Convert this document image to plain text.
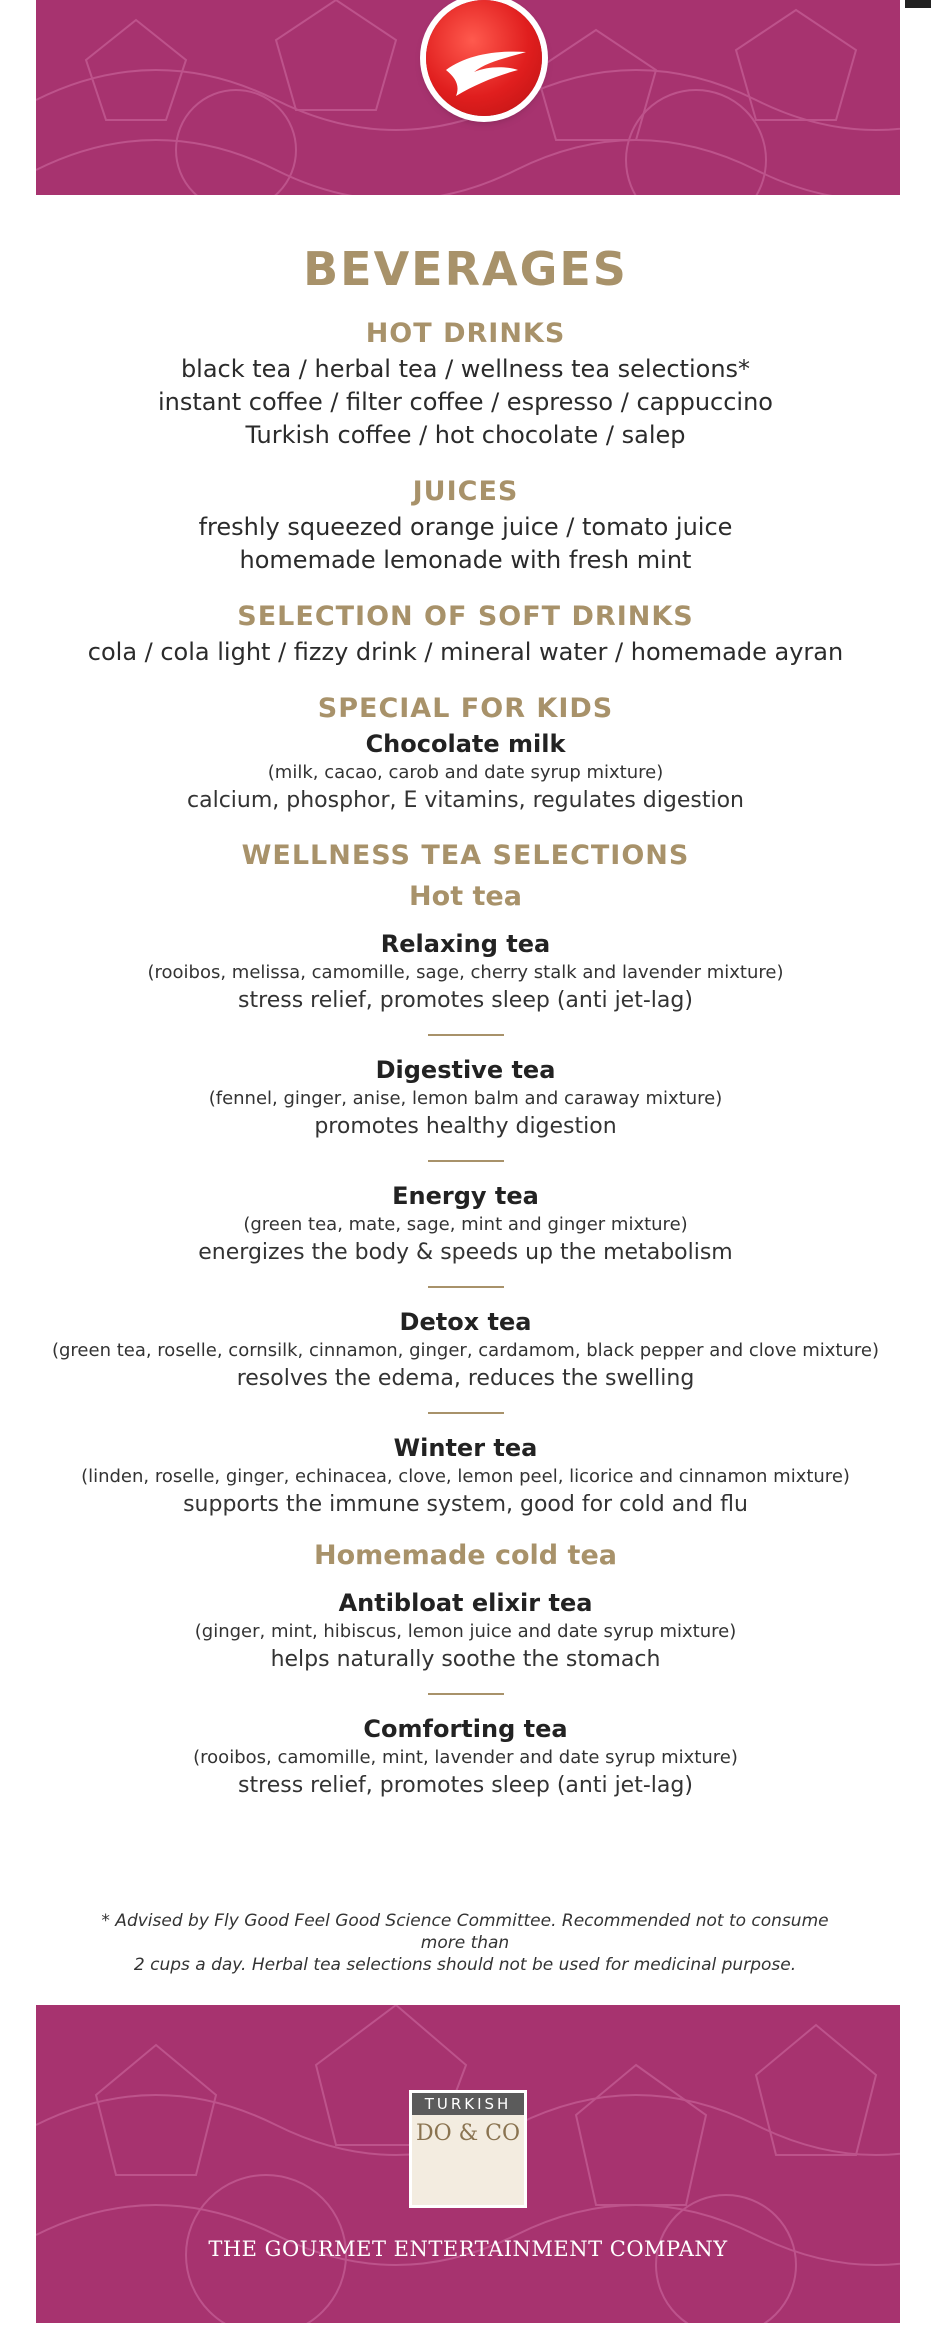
BEVERAGES
HOT DRINKS
black tea / herbal tea / wellness tea selections*
instant coffee / filter coffee / espresso / cappuccino
Turkish coffee / hot chocolate / salep
JUICES
freshly squeezed orange juice / tomato juice
homemade lemonade with fresh mint
SELECTION OF SOFT DRINKS
cola / cola light / fizzy drink / mineral water / homemade ayran
SPECIAL FOR KIDS
Chocolate milk
(milk, cacao, carob and date syrup mixture)
calcium, phosphor, E vitamins, regulates digestion
WELLNESS TEA SELECTIONS
Hot tea
Relaxing tea
(rooibos, melissa, camomille, sage, cherry stalk and lavender mixture)
stress relief, promotes sleep (anti jet-lag)
Digestive tea
(fennel, ginger, anise, lemon balm and caraway mixture)
promotes healthy digestion
Energy tea
(green tea, mate, sage, mint and ginger mixture)
energizes the body & speeds up the metabolism
Detox tea
(green tea, roselle, cornsilk, cinnamon, ginger, cardamom, black pepper and clove mixture)
resolves the edema, reduces the swelling
Winter tea
(linden, roselle, ginger, echinacea, clove, lemon peel, licorice and cinnamon mixture)
supports the immune system, good for cold and flu
Homemade cold tea
Antibloat elixir tea
(ginger, mint, hibiscus, lemon juice and date syrup mixture)
helps naturally soothe the stomach
Comforting tea
(rooibos, camomille, mint, lavender and date syrup mixture)
stress relief, promotes sleep (anti jet-lag)
* Advised by Fly Good Feel Good Science Committee. Recommended not to consume more than
2 cups a day. Herbal tea selections should not be used for medicinal purpose.
TURKISH
DO & CO
THE GOURMET ENTERTAINMENT COMPANY
